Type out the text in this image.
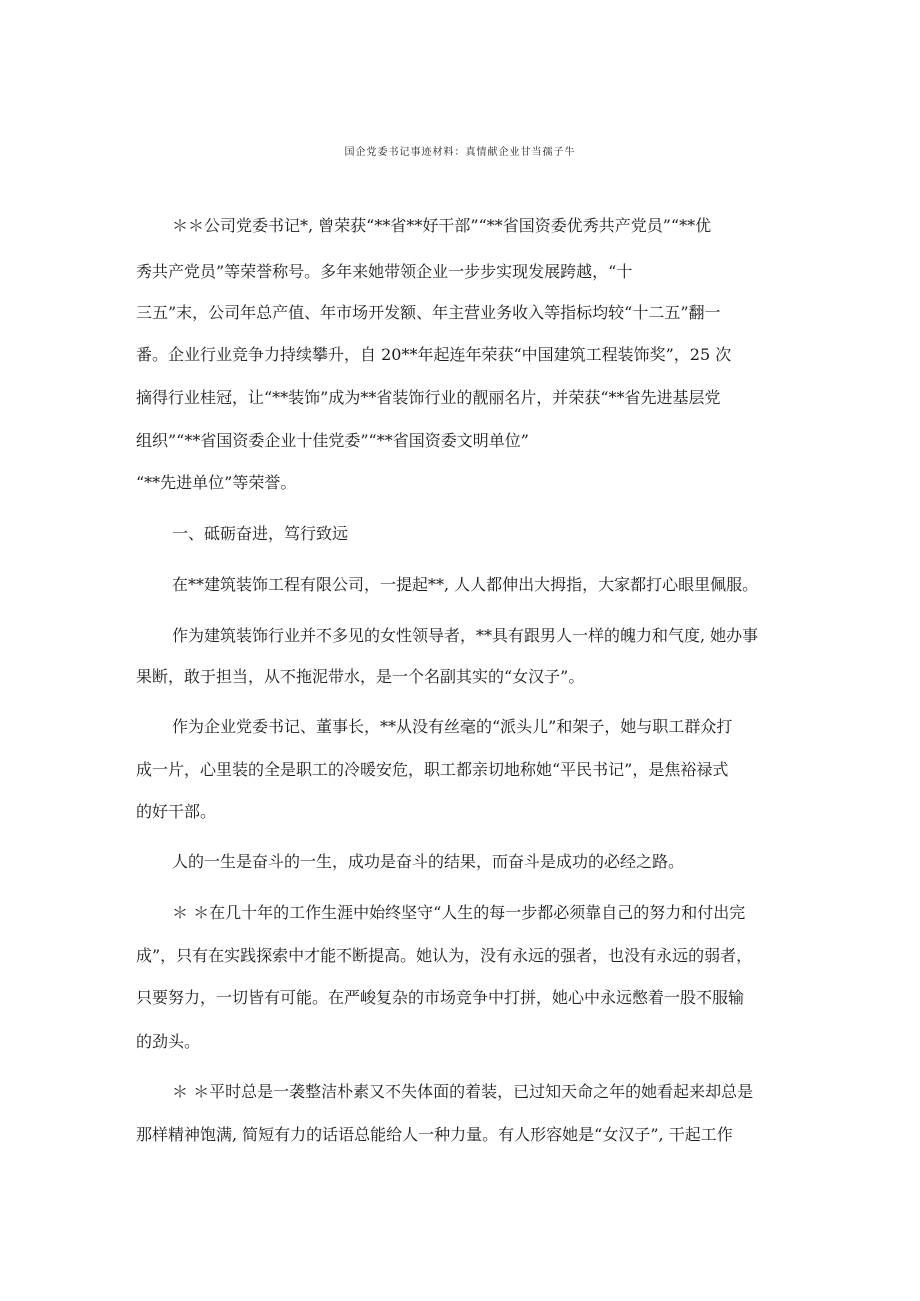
国企党委书记事迹材料：真情献企业甘当孺子牛
＊＊公司党委书记*, 曾荣获“**省**好干部”“**省国资委优秀共产党员”“**优
秀共产党员”等荣誉称号。多年来她带领企业一步步实现发展跨越，“十
三五”末，公司年总产值、年市场开发额、年主营业务收入等指标均较“十二五”翻一
番。企业行业竞争力持续攀升，自 20**年起连年荣获“中国建筑工程装饰奖”，25 次
摘得行业桂冠，让“**装饰”成为**省装饰行业的靓丽名片，并荣获“**省先进基层党
组织”“**省国资委企业十佳党委”“**省国资委文明单位”
“**先进单位”等荣誉。
一、砥砺奋进，笃行致远
在**建筑装饰工程有限公司，一提起**, 人人都伸出大拇指，大家都打心眼里佩服。
作为建筑装饰行业并不多见的女性领导者，**具有跟男人一样的魄力和气度, 她办事
果断，敢于担当，从不拖泥带水，是一个名副其实的“女汉子”。
作为企业党委书记、董事长，**从没有丝毫的“派头儿”和架子，她与职工群众打
成一片，心里装的全是职工的冷暖安危，职工都亲切地称她“平民书记”，是焦裕禄式
的好干部。
人的一生是奋斗的一生，成功是奋斗的结果，而奋斗是成功的必经之路。
＊ ＊在几十年的工作生涯中始终坚守“人生的每一步都必须靠自己的努力和付出完
成”，只有在实践探索中才能不断提高。她认为，没有永远的强者，也没有永远的弱者，
只要努力，一切皆有可能。在严峻复杂的市场竞争中打拼，她心中永远憋着一股不服输
的劲头。
＊ ＊平时总是一袭整洁朴素又不失体面的着装，已过知天命之年的她看起来却总是
那样精神饱满, 简短有力的话语总能给人一种力量。有人形容她是“女汉子”, 干起工作
